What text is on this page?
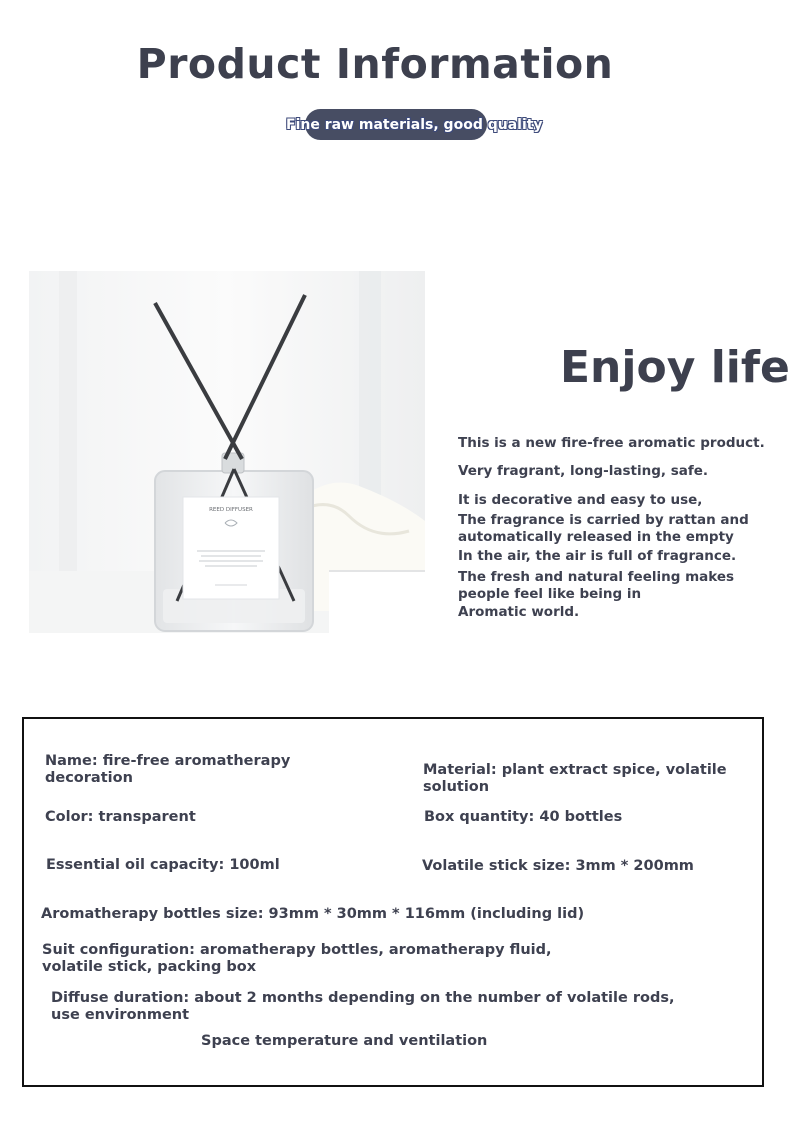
Product Information
Fine raw materials, good quality
REED DIFFUSER
Enjoy life
This is a new fire-free aromatic product.
Very fragrant, long-lasting, safe.
It is decorative and easy to use,
The fragrance is carried by rattan and automatically released in the empty
In the air, the air is full of fragrance.
The fresh and natural feeling makes people feel like being in
Aromatic world.
Name: fire-free aromatherapy decoration	Material: plant extract spice, volatile solution
Color: transparent	Box quantity: 40 bottles
Essential oil capacity: 100ml	Volatile stick size: 3mm * 200mm
Aromatherapy bottles size: 93mm * 30mm * 116mm (including lid)
Suit configuration: aromatherapy bottles, aromatherapy fluid, volatile stick, packing box
Diffuse duration: about 2 months depending on the number of volatile rods, use environment
Space temperature and ventilation
